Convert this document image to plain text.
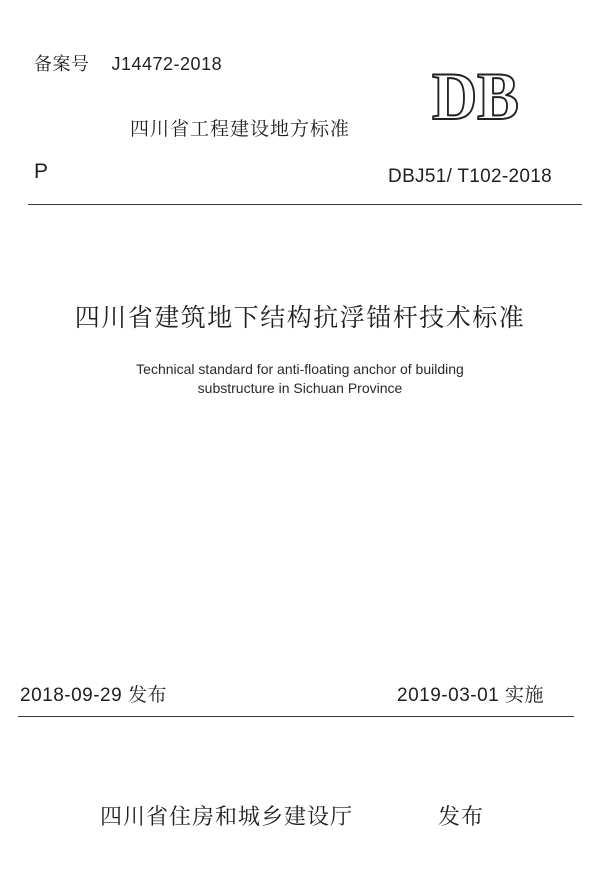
备案号 J14472-2018
四川省工程建设地方标准 DB
P	DBJ51/ T102-2018
四川省建筑地下结构抗浮锚杆技术标准
Technical standard for anti-floating anchor of building
substructure in Sichuan Province
2018-09-29 发布	2019-03-01 实施
四川省住房和城乡建设厅	发布
